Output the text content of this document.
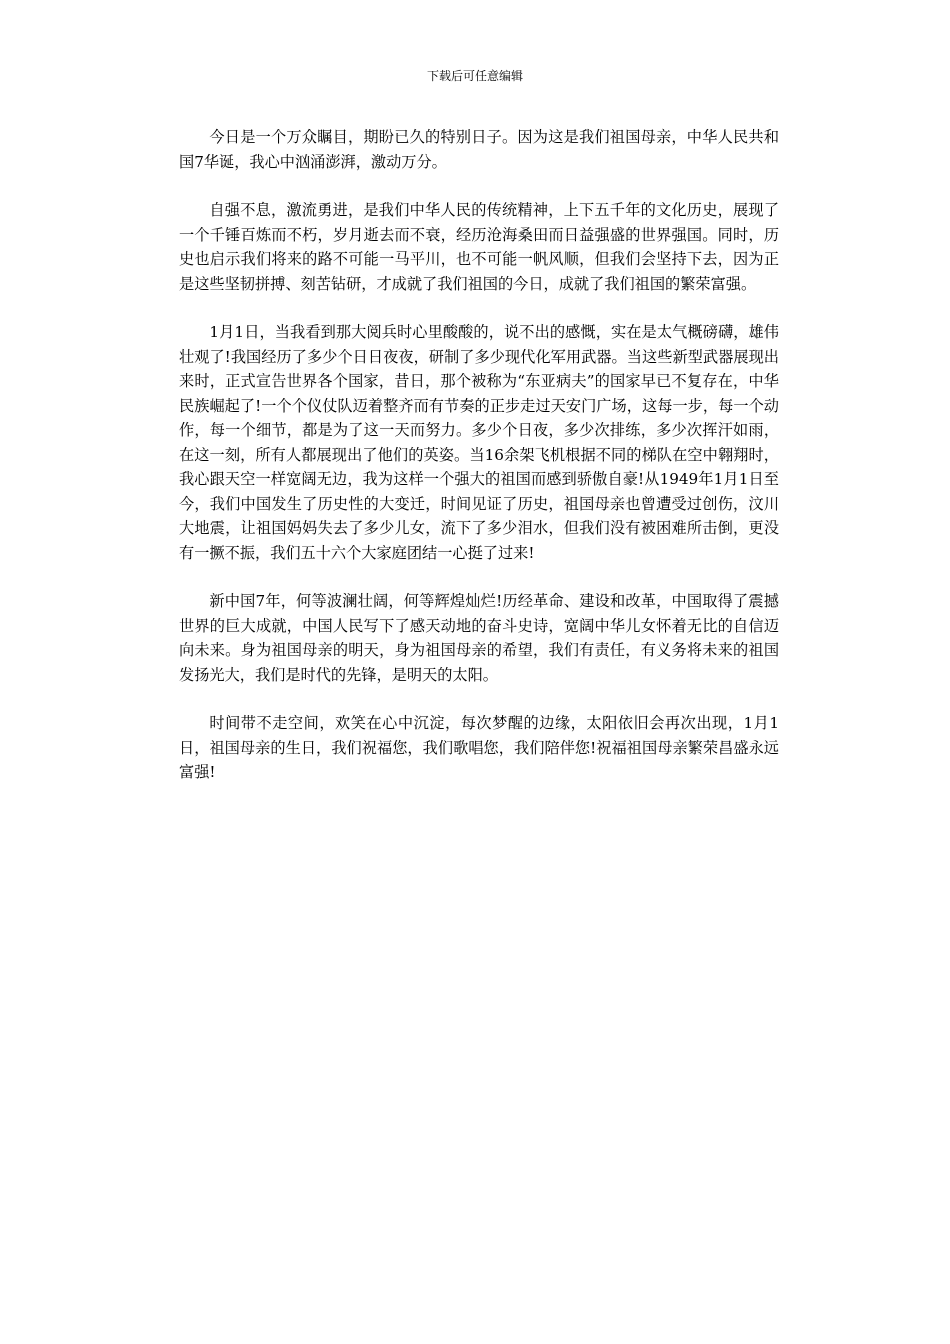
下载后可任意编辑

今日是一个万众瞩目，期盼已久的特别日子。因为这是我们祖国母亲，中华人民共和国7华诞，我心中汹涌澎湃，激动万分。

自强不息，激流勇进，是我们中华人民的传统精神，上下五千年的文化历史，展现了一个千锤百炼而不朽，岁月逝去而不衰，经历沧海桑田而日益强盛的世界强国。同时，历史也启示我们将来的路不可能一马平川，也不可能一帆风顺，但我们会坚持下去，因为正是这些坚韧拼搏、刻苦钻研，才成就了我们祖国的今日，成就了我们祖国的繁荣富强。

1月1日，当我看到那大阅兵时心里酸酸的，说不出的感慨，实在是太气概磅礴，雄伟壮观了!我国经历了多少个日日夜夜，研制了多少现代化军用武器。当这些新型武器展现出来时，正式宣告世界各个国家，昔日，那个被称为“东亚病夫”的国家早已不复存在，中华民族崛起了!一个个仪仗队迈着整齐而有节奏的正步走过天安门广场，这每一步，每一个动作，每一个细节，都是为了这一天而努力。多少个日夜，多少次排练，多少次挥汗如雨，在这一刻，所有人都展现出了他们的英姿。当16余架飞机根据不同的梯队在空中翱翔时，我心跟天空一样宽阔无边，我为这样一个强大的祖国而感到骄傲自豪!从1949年1月1日至今，我们中国发生了历史性的大变迁，时间见证了历史，祖国母亲也曾遭受过创伤，汶川大地震，让祖国妈妈失去了多少儿女，流下了多少泪水，但我们没有被困难所击倒，更没有一撅不振，我们五十六个大家庭团结一心挺了过来!

新中国7年，何等波澜壮阔，何等辉煌灿烂!历经革命、建设和改革，中国取得了震撼世界的巨大成就，中国人民写下了感天动地的奋斗史诗，宽阔中华儿女怀着无比的自信迈向未来。身为祖国母亲的明天，身为祖国母亲的希望，我们有责任，有义务将未来的祖国发扬光大，我们是时代的先锋，是明天的太阳。

时间带不走空间，欢笑在心中沉淀，每次梦醒的边缘，太阳依旧会再次出现，1月1日，祖国母亲的生日，我们祝福您，我们歌唱您，我们陪伴您!祝福祖国母亲繁荣昌盛永远富强!
